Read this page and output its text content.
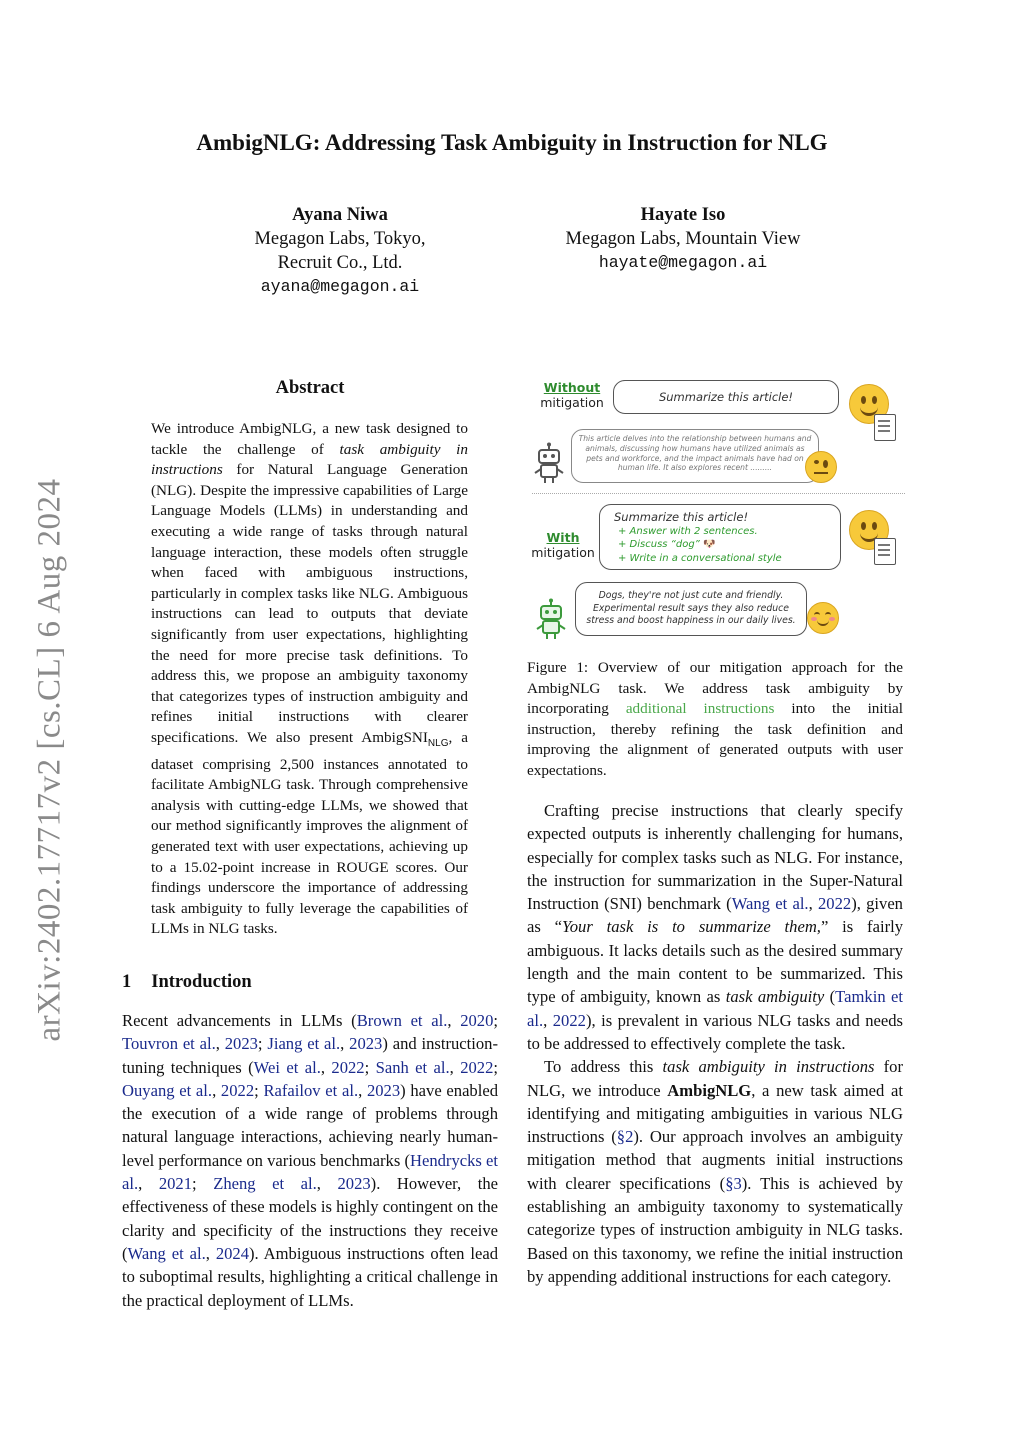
arXiv:2402.17717v2 [cs.CL] 6 Aug 2024
AmbigNLG: Addressing Task Ambiguity in Instruction for NLG
Ayana Niwa
Megagon Labs, Tokyo,
Recruit Co., Ltd.
ayana@megagon.ai
Hayate Iso
Megagon Labs, Mountain View
hayate@megagon.ai
Abstract
We introduce AmbigNLG, a new task designed to tackle the challenge of task ambiguity in instructions for Natural Language Generation (NLG). Despite the impressive capabilities of Large Language Models (LLMs) in understanding and executing a wide range of tasks through natural language interaction, these models often struggle when faced with ambiguous instructions, particularly in complex tasks like NLG. Ambiguous instructions can lead to outputs that deviate significantly from user expectations, highlighting the need for more precise task definitions. To address this, we propose an ambiguity taxonomy that categorizes types of instruction ambiguity and refines initial instructions with clearer specifications. We also present AmbigSNI$_{NLG}$, a dataset comprising 2,500 instances annotated to facilitate AmbigNLG task. Through comprehensive analysis with cutting-edge LLMs, we showed that our method significantly improves the alignment of generated text with user expectations, achieving up to a 15.02-point increase in ROUGE scores. Our findings underscore the importance of addressing task ambiguity to fully leverage the capabilities of LLMs in NLG tasks.
1 Introduction

Recent advancements in LLMs (Brown et al., 2020; Touvron et al., 2023; Jiang et al., 2023) and instruction-tuning techniques (Wei et al., 2022; Sanh et al., 2022; Ouyang et al., 2022; Rafailov et al., 2023) have enabled the execution of a wide range of problems through natural language interactions, achieving nearly human-level performance on various benchmarks (Hendrycks et al., 2021; Zheng et al., 2023). However, the effectiveness of these models is highly contingent on the clarity and specificity of the instructions they receive (Wang et al., 2024). Ambiguous instructions often lead to suboptimal results, highlighting a critical challenge in the practical deployment of LLMs.

Without
mitigation	Summarize this article!
This article delves into the relationship between humans and animals, discussing how humans have utilized animals as pets and workforce, and the impact animals have had on human life. It also explores recent .........
With
mitigation
Summarize this article!
+ Answer with 2 sentences.
+ Discuss “dog” 🐶
+ Write in a conversational style
Dogs, they're not just cute and friendly. Experimental result says they also reduce stress and boost happiness in our daily lives.
Figure 1: Overview of our mitigation approach for the AmbigNLG task. We address task ambiguity by incorporating additional instructions into the initial instruction, thereby refining the task definition and improving the alignment of generated outputs with user expectations.

Crafting precise instructions that clearly specify expected outputs is inherently challenging for humans, especially for complex tasks such as NLG. For instance, the instruction for summarization in the Super-Natural Instruction (SNI) benchmark (Wang et al., 2022), given as “Your task is to summarize them,” is fairly ambiguous. It lacks details such as the desired summary length and the main content to be summarized. This type of ambiguity, known as task ambiguity (Tamkin et al., 2022), is prevalent in various NLG tasks and needs to be addressed to effectively complete the task.

To address this task ambiguity in instructions for NLG, we introduce AmbigNLG, a new task aimed at identifying and mitigating ambiguities in various NLG instructions (§2). Our approach involves an ambiguity mitigation method that augments initial instructions with clearer specifications (§3). This is achieved by establishing an ambiguity taxonomy to systematically categorize types of instruction ambiguity in NLG tasks. Based on this taxonomy, we refine the initial instruction by appending additional instructions for each category.
